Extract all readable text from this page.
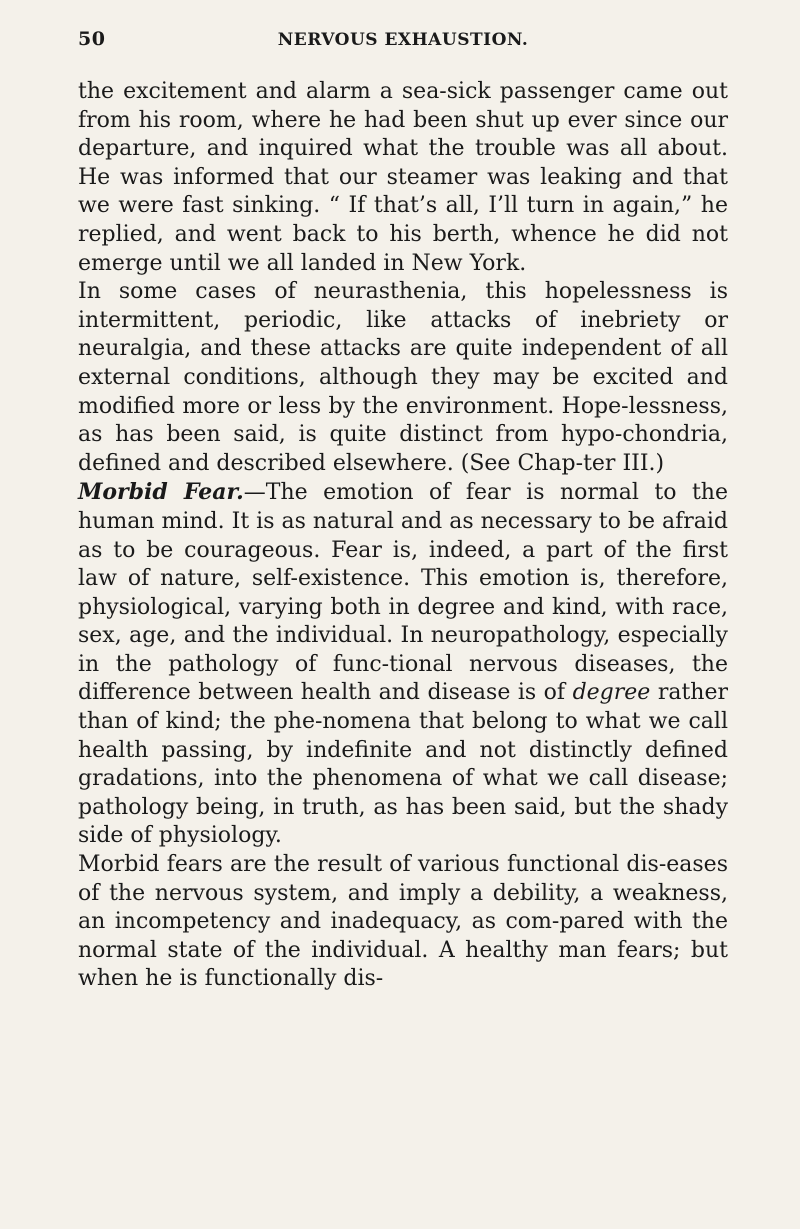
50	NERVOUS EXHAUSTION.

the excitement and alarm a sea-sick passenger came out from his room, where he had been shut up ever since our departure, and inquired what the trouble was all about. He was informed that our steamer was leaking and that we were fast sinking. “ If that’s all, I’ll turn in again,” he replied, and went back to his berth, whence he did not emerge until we all landed in New York.

In some cases of neurasthenia, this hopelessness is intermittent, periodic, like attacks of inebriety or neuralgia, and these attacks are quite independent of all external conditions, although they may be excited and modified more or less by the environment. Hope-lessness, as has been said, is quite distinct from hypo-chondria, defined and described elsewhere. (See Chap-ter III.)

Morbid Fear.—The emotion of fear is normal to the human mind. It is as natural and as necessary to be afraid as to be courageous. Fear is, indeed, a part of the first law of nature, self-existence. This emotion is, therefore, physiological, varying both in degree and kind, with race, sex, age, and the individual. In neuropathology, especially in the pathology of func-tional nervous diseases, the difference between health and disease is of degree rather than of kind; the phe-nomena that belong to what we call health passing, by indefinite and not distinctly defined gradations, into the phenomena of what we call disease; pathology being, in truth, as has been said, but the shady side of physiology.

Morbid fears are the result of various functional dis-eases of the nervous system, and imply a debility, a weakness, an incompetency and inadequacy, as com-pared with the normal state of the individual. A healthy man fears; but when he is functionally dis-
